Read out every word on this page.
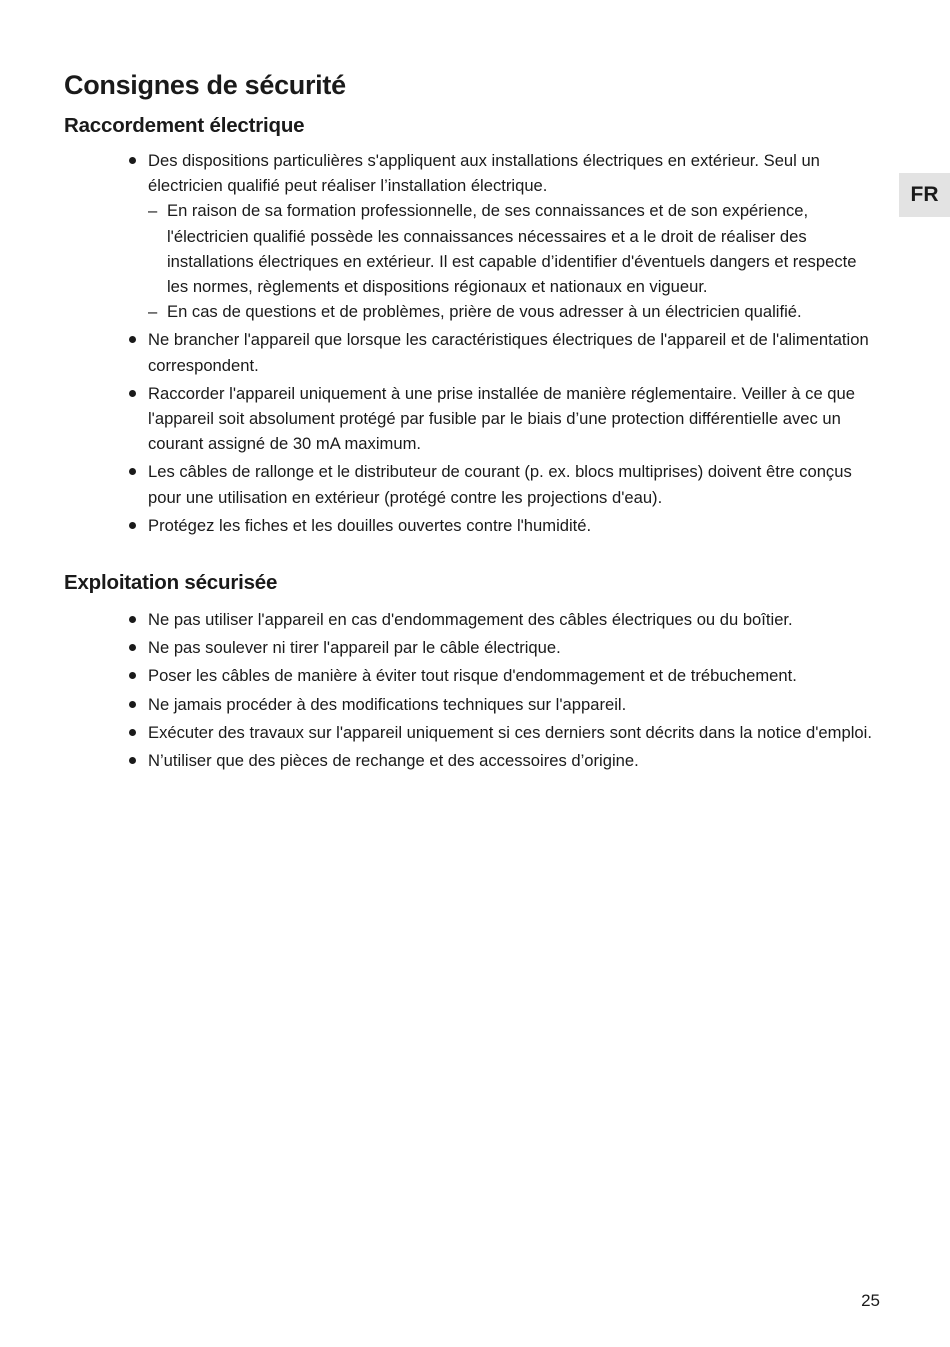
Consignes de sécurité
FR
Raccordement électrique
Des dispositions particulières s'appliquent aux installations électriques en extérieur. Seul un électricien qualifié peut réaliser l’installation électrique.
– En raison de sa formation professionnelle, de ses connaissances et de son expérience, l'électricien qualifié possède les connaissances nécessaires et a le droit de réaliser des installations électriques en extérieur. Il est capable d’identifier d'éventuels dangers et respecte les normes, règlements et dispositions régionaux et nationaux en vigueur.
– En cas de questions et de problèmes, prière de vous adresser à un électricien qualifié.
Ne brancher l'appareil que lorsque les caractéristiques électriques de l'appareil et de l'alimentation correspondent.
Raccorder l'appareil uniquement à une prise installée de manière réglementaire. Veiller à ce que l'appareil soit absolument protégé par fusible par le biais d’une protection différentielle avec un courant assigné de 30 mA maximum.
Les câbles de rallonge et le distributeur de courant (p. ex. blocs multiprises) doivent être conçus pour une utilisation en extérieur (protégé contre les projections d'eau).
Protégez les fiches et les douilles ouvertes contre l'humidité.
Exploitation sécurisée
Ne pas utiliser l'appareil en cas d'endommagement des câbles électriques ou du boîtier.
Ne pas soulever ni tirer l'appareil par le câble électrique.
Poser les câbles de manière à éviter tout risque d'endommagement et de trébuchement.
Ne jamais procéder à des modifications techniques sur l'appareil.
Exécuter des travaux sur l'appareil uniquement si ces derniers sont décrits dans la notice d'emploi.
N’utiliser que des pièces de rechange et des accessoires d’origine.
25
